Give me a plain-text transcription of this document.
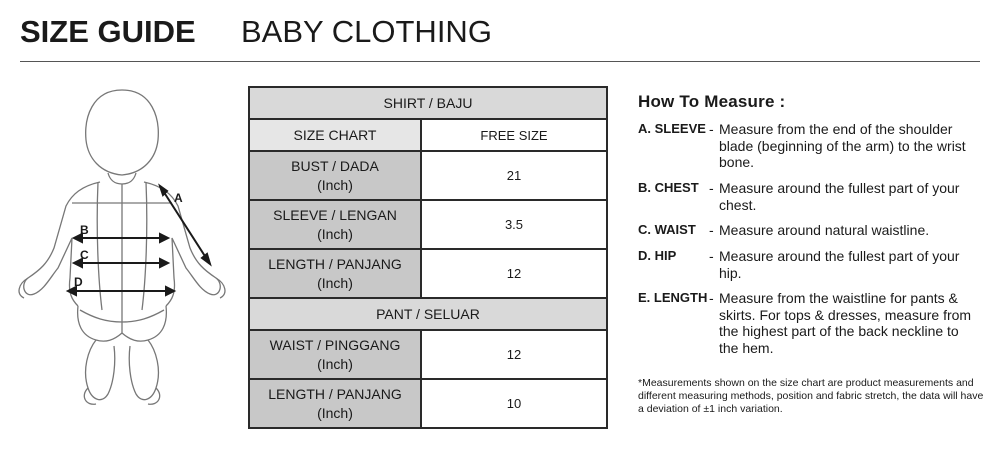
SIZE GUIDE BABY CLOTHING
A
B
C
D
SHIRT / BAJU	
SIZE CHART	FREE SIZE
BUST / DADA
(Inch)	21
SLEEVE / LENGAN
(Inch)	3.5
LENGTH / PANJANG
(Inch)	12
PANT / SELUAR	
WAIST / PINGGANG
(Inch)	12
LENGTH / PANJANG
(Inch)	10
How To Measure :
A. SLEEVE - Measure from the end of the shoulder blade (beginning of the arm) to the wrist bone.
B. CHEST - Measure around the fullest part of your chest.
C. WAIST - Measure around natural waistline.
D. HIP - Measure around the fullest part of your hip.
E. LENGTH - Measure from the waistline for pants & skirts. For tops & dresses, measure from the highest part of the back neckline to the hem.
*Measurements shown on the size chart are product measurements and different measuring methods, position and fabric stretch, the data will have a deviation of ±1 inch variation.
